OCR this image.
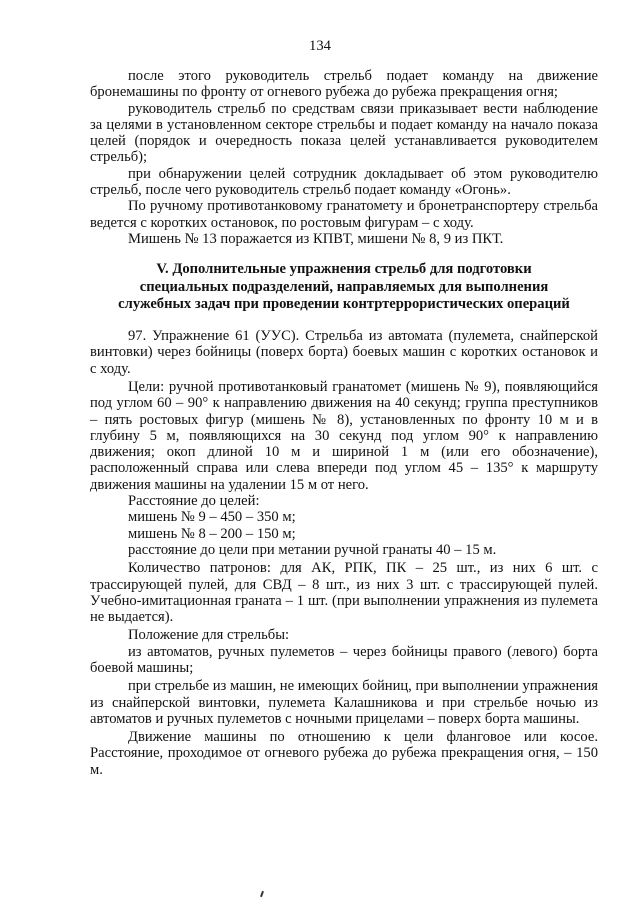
134

после этого руководитель стрельб подает команду на движение бронемашины по фронту от огневого рубежа до рубежа прекращения огня;

руководитель стрельб по средствам связи приказывает вести наблюдение за целями в установленном секторе стрельбы и подает команду на начало показа целей (порядок и очередность показа целей устанавливается руководителем стрельб);

при обнаружении целей сотрудник докладывает об этом руководителю стрельб, после чего руководитель стрельб подает команду «Огонь».

По ручному противотанковому гранатомету и бронетранспортеру стрельба ведется с коротких остановок, по ростовым фигурам – с ходу.

Мишень № 13 поражается из КПВТ, мишени № 8, 9 из ПКТ.

V. Дополнительные упражнения стрельб для подготовки
специальных подразделений, направляемых для выполнения
служебных задач при проведении контртеррористических операций

97. Упражнение 61 (УУС). Стрельба из автомата (пулемета, снайперской винтовки) через бойницы (поверх борта) боевых машин с коротких остановок и с ходу.

Цели: ручной противотанковый гранатомет (мишень № 9), появляющийся под углом 60 – 90° к направлению движения на 40 секунд; группа преступников – пять ростовых фигур (мишень № 8), установленных по фронту 10 м и в глубину 5 м, появляющихся на 30 секунд под углом 90° к направлению движения; окоп длиной 10 м и шириной 1 м (или его обозначение), расположенный справа или слева впереди под углом 45 – 135° к маршруту движения машины на удалении 15 м от него.

Расстояние до целей:

мишень № 9 – 450 – 350 м;

мишень № 8 – 200 – 150 м;

расстояние до цели при метании ручной гранаты 40 – 15 м.

Количество патронов: для АК, РПК, ПК – 25 шт., из них 6 шт. с трассирующей пулей, для СВД – 8 шт., из них 3 шт. с трассирующей пулей. Учебно-имитационная граната – 1 шт. (при выполнении упражнения из пулемета не выдается).

Положение для стрельбы:

из автоматов, ручных пулеметов – через бойницы правого (левого) борта боевой машины;

при стрельбе из машин, не имеющих бойниц, при выполнении упражнения из снайперской винтовки, пулемета Калашникова и при стрельбе ночью из автоматов и ручных пулеметов с ночными прицелами – поверх борта машины.

Движение машины по отношению к цели фланговое или косое. Расстояние, проходимое от огневого рубежа до рубежа прекращения огня, – 150 м.
